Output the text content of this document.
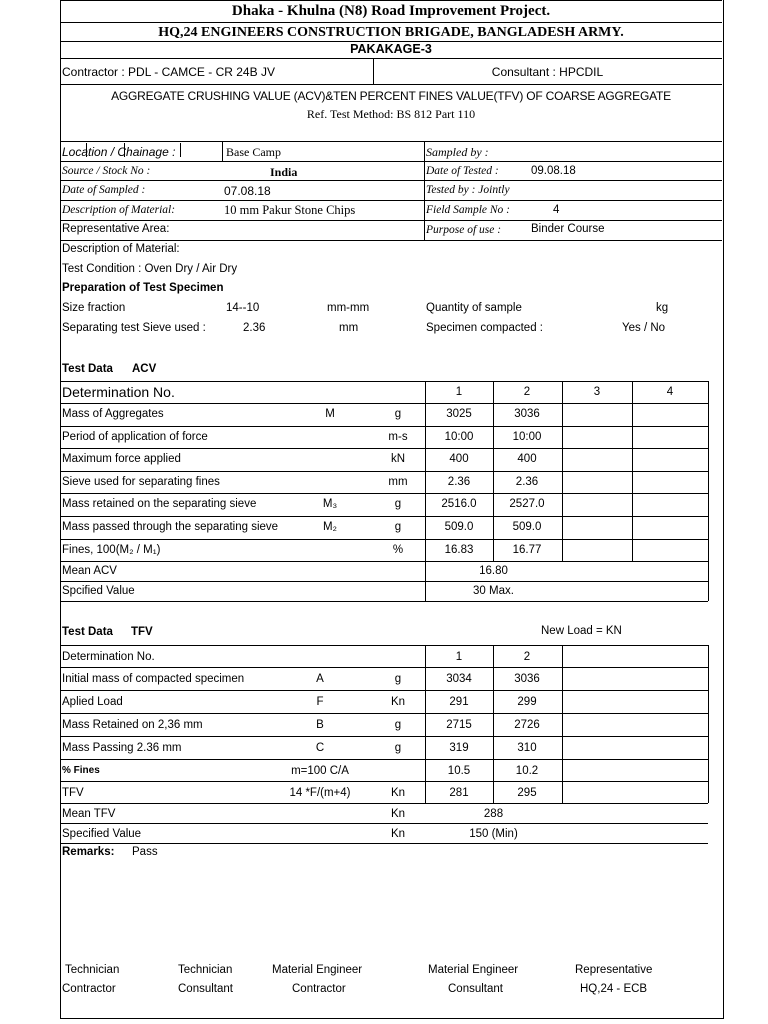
Dhaka - Khulna (N8) Road Improvement Project.
HQ,24 ENGINEERS CONSTRUCTION BRIGADE, BANGLADESH ARMY.
PAKAKAGE-3
Contractor : PDL - CAMCE - CR 24B JV	Consultant : HPCDIL
AGGREGATE CRUSHING VALUE (ACV)&TEN PERCENT FINES VALUE(TFV) OF COARSE AGGREGATE
Ref. Test Method: BS 812 Part 110
Location / Chainage :	Base Camp	Sampled by :
Source / Stock No :	India	Date of Tested :	09.08.18
Date of Sampled :	07.08.18	Tested by : Jointly
Description of Material:	10 mm Pakur Stone Chips	Field Sample No :	4
Representative Area:	Purpose of use :	Binder Course
Description of Material:
Test Condition : Oven Dry / Air Dry
Preparation of Test Specimen
Size fraction	14--10	mm-mm	Quantity of sample	kg
Separating test Sieve used :	2.36	mm	Specimen compacted :	Yes / No
Test Data ACV
Determination No.	1	2	3	4
Mass of Aggregates	M	g	3025	3036
Period of application of force	m-s	10:00	10:00
Maximum force applied	kN	400	400
Sieve used for separating fines	mm	2.36	2.36
Mass retained on the separating sieve	M₃	g	2516.0	2527.0
Mass passed through the separating sieve	M₂	g	509.0	509.0
Fines, 100(M₂ / M₁)	%	16.83	16.77
Mean ACV	16.80
Spcified Value	30 Max.
Test Data TFV	New Load = KN
Determination No.	1	2
Initial mass of compacted specimen	A	g	3034	3036
Aplied Load	F	Kn	291	299
Mass Retained on 2,36 mm	B	g	2715	2726
Mass Passing 2.36 mm	C	g	319	310
% Fines	m=100 C/A	10.5	10.2
TFV	14 *F/(m+4)	Kn	281	295
Mean TFV	Kn	288
Specified Value	Kn	150 (Min)
Remarks: Pass
Technician
Contractor
Technician
Consultant
Material Engineer
Contractor
Material Engineer
Consultant
Representative
HQ,24 - ECB
